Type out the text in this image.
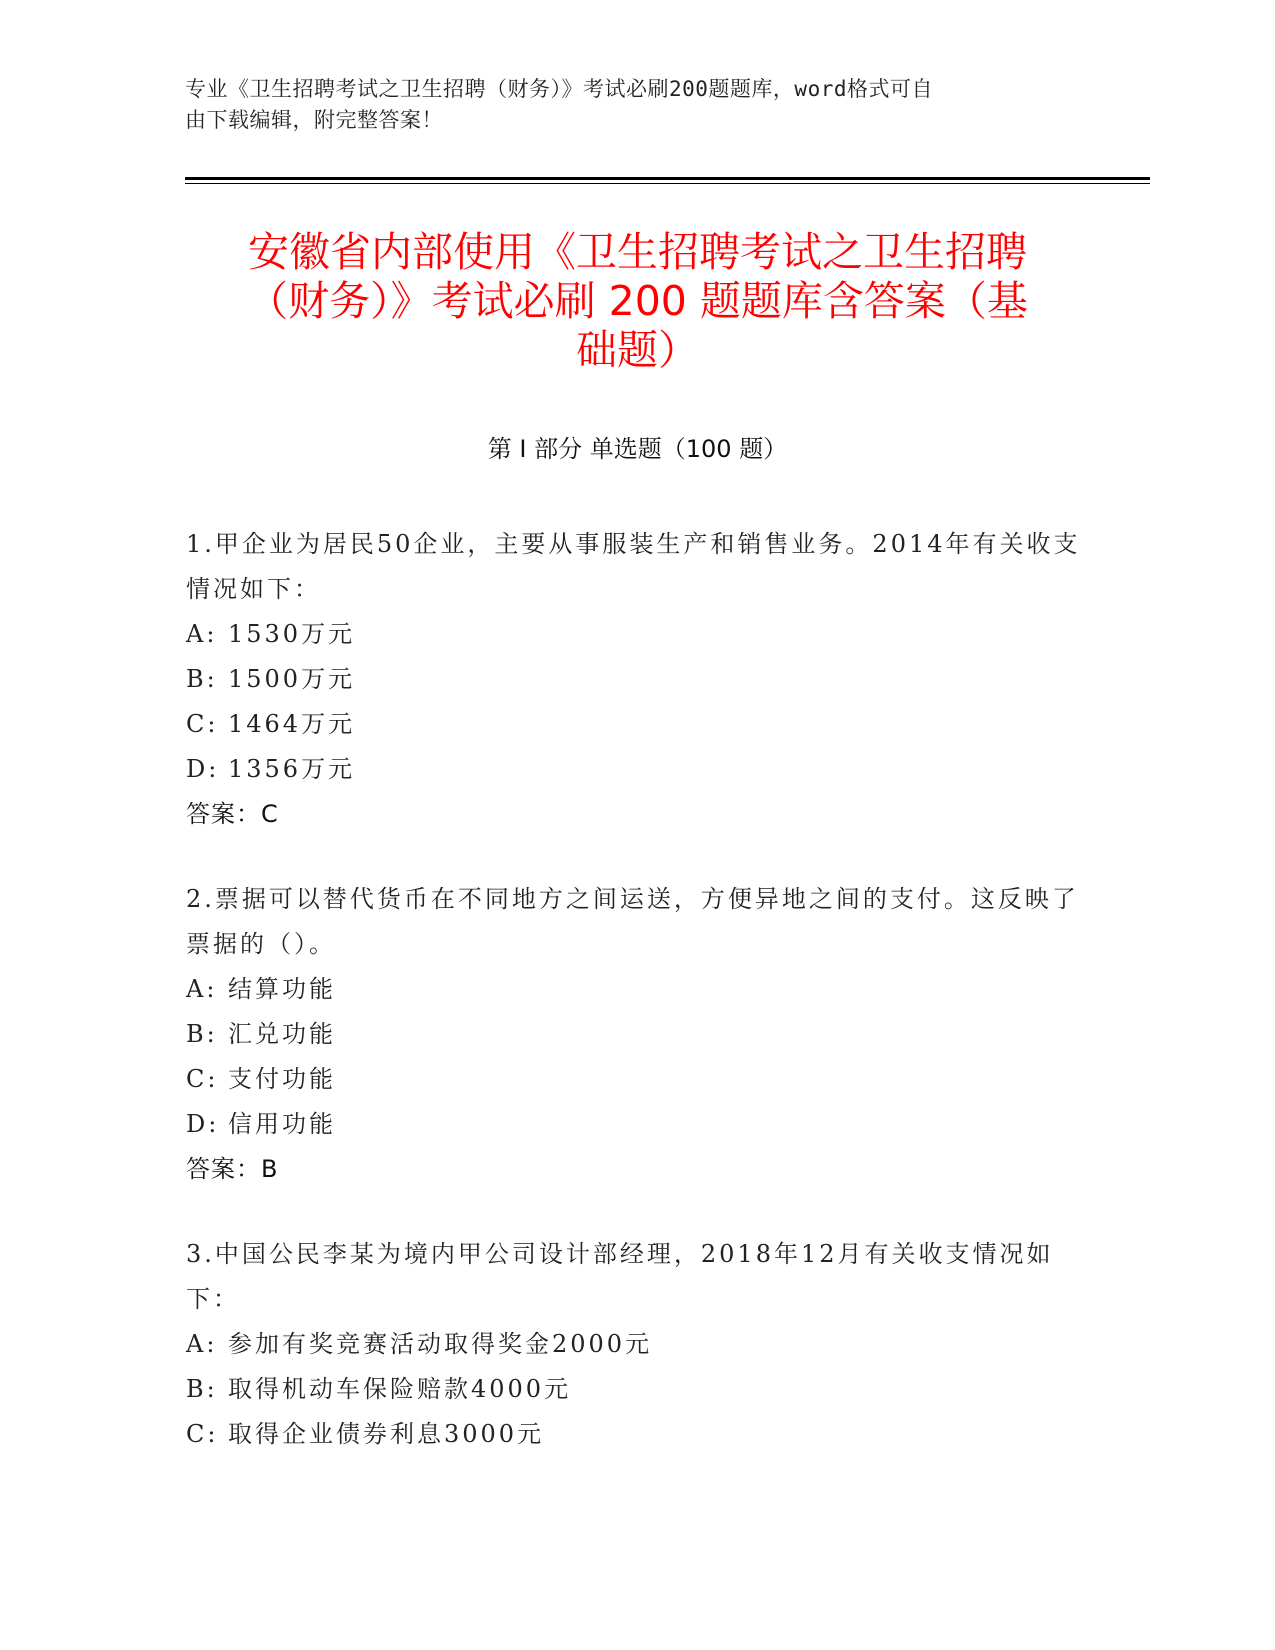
专业《卫生招聘考试之卫生招聘（财务）》考试必刷200题题库，word格式可自
由下载编辑，附完整答案！
安徽省内部使用《卫生招聘考试之卫生招聘
（财务）》考试必刷 200 题题库含答案（基
础题）
第 I 部分 单选题（100 题）

1.甲企业为居民50企业，主要从事服装生产和销售业务。2014年有关收支情况如下：

A: 1530万元

B: 1500万元

C: 1464万元

D: 1356万元

答案：C

2.票据可以替代货币在不同地方之间运送，方便异地之间的支付。这反映了票据的（）。

A: 结算功能

B: 汇兑功能

C: 支付功能

D: 信用功能

答案：B

3.中国公民李某为境内甲公司设计部经理，2018年12月有关收支情况如下：

A: 参加有奖竞赛活动取得奖金2000元

B: 取得机动车保险赔款4000元

C: 取得企业债券利息3000元
